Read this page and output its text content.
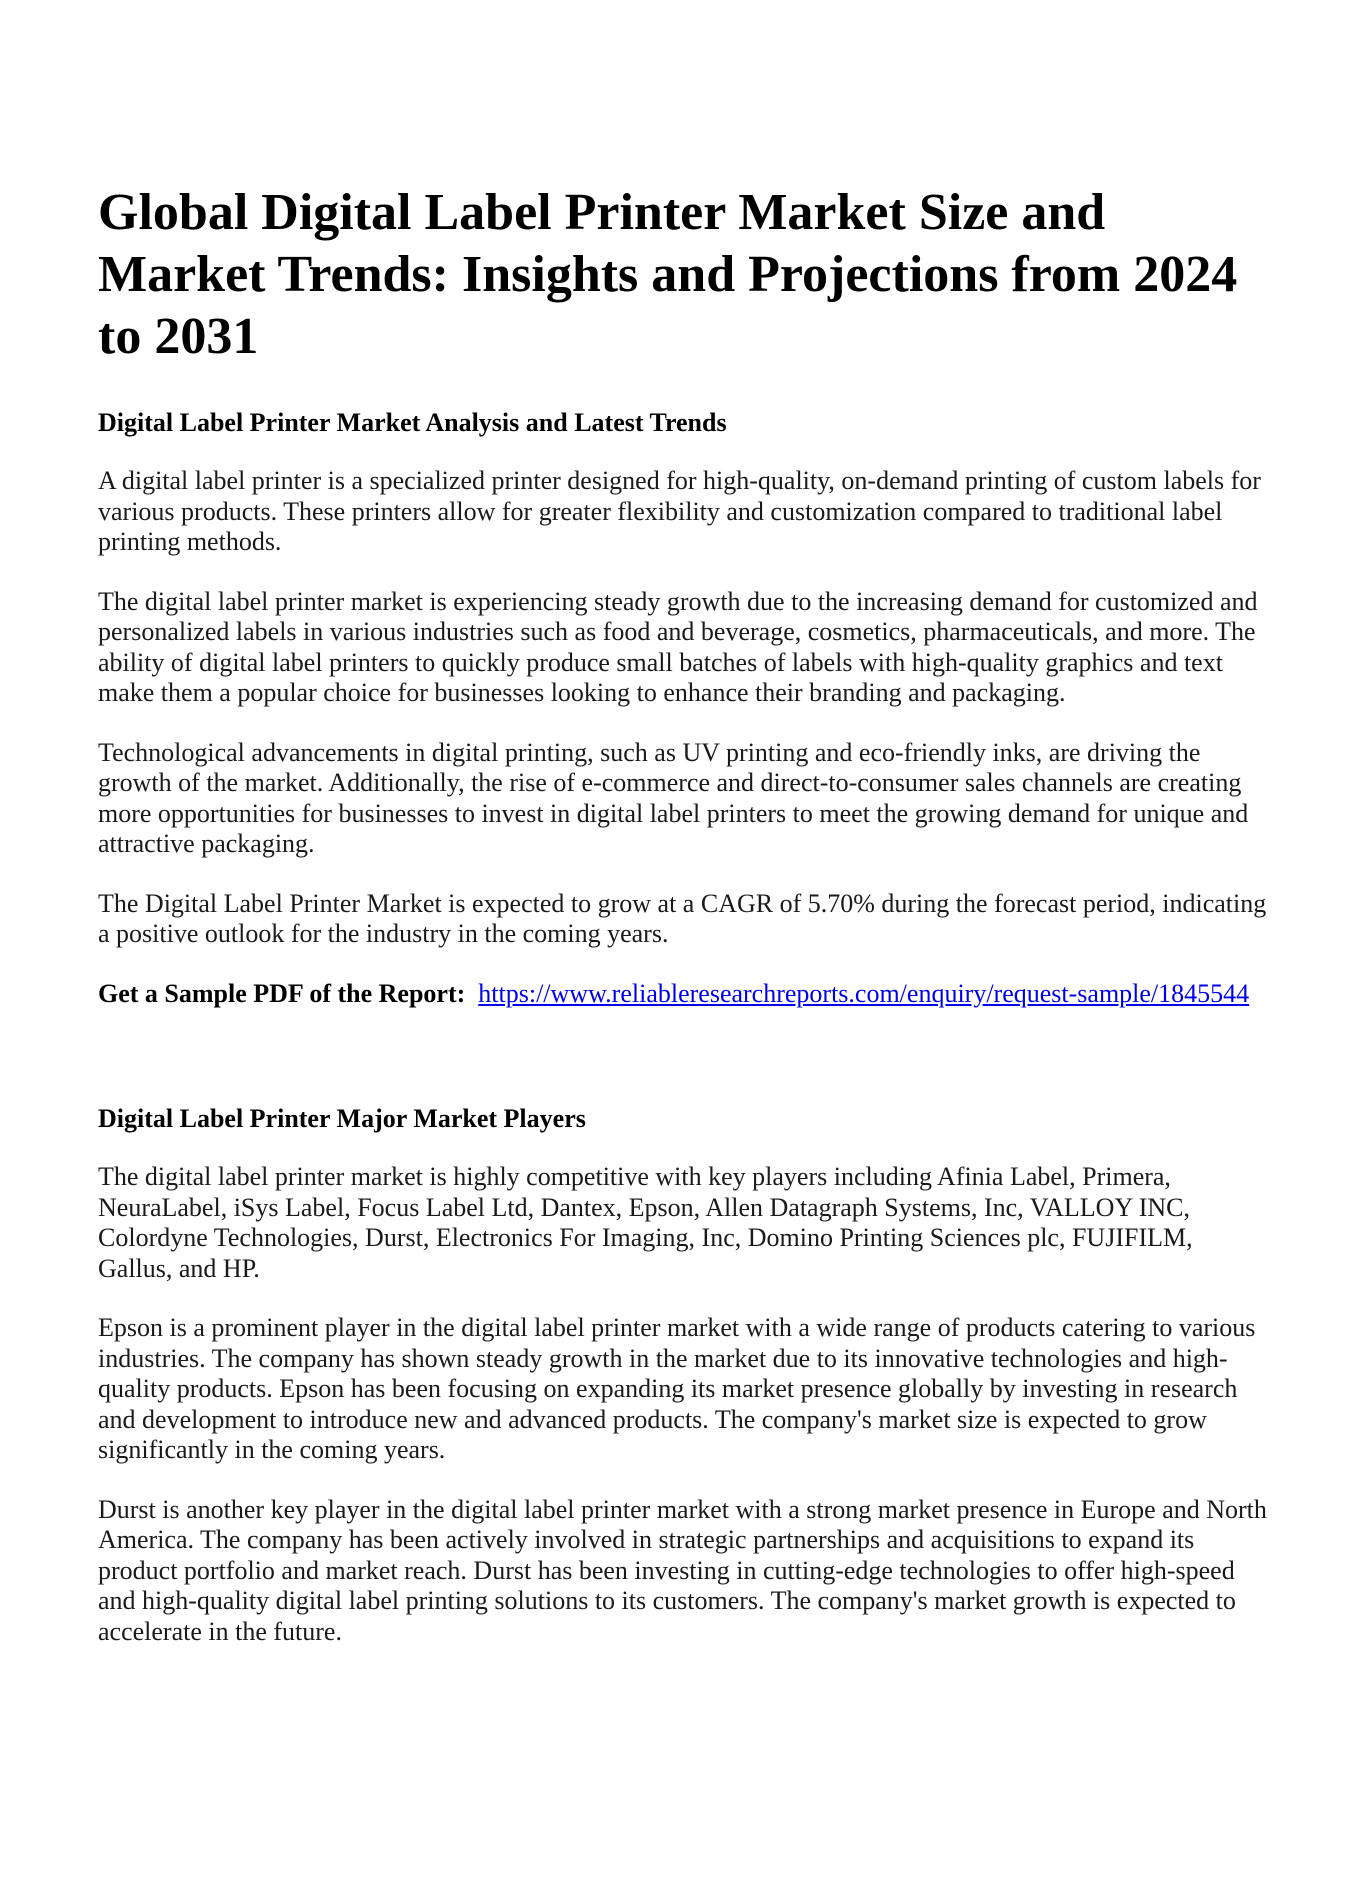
Global Digital Label Printer Market Size and Market Trends: Insights and Projections from 2024 to 2031
Digital Label Printer Market Analysis and Latest Trends

A digital label printer is a specialized printer designed for high-quality, on-demand printing of custom labels for various products. These printers allow for greater flexibility and customization compared to traditional label printing methods.

The digital label printer market is experiencing steady growth due to the increasing demand for customized and personalized labels in various industries such as food and beverage, cosmetics, pharmaceuticals, and more. The ability of digital label printers to quickly produce small batches of labels with high-quality graphics and text make them a popular choice for businesses looking to enhance their branding and packaging.

Technological advancements in digital printing, such as UV printing and eco-friendly inks, are driving the growth of the market. Additionally, the rise of e-commerce and direct-to-consumer sales channels are creating more opportunities for businesses to invest in digital label printers to meet the growing demand for unique and attractive packaging.

The Digital Label Printer Market is expected to grow at a CAGR of 5.70% during the forecast period, indicating a positive outlook for the industry in the coming years.

Get a Sample PDF of the Report: https://www.reliableresearchreports.com/enquiry/request-sample/1845544

Digital Label Printer Major Market Players

The digital label printer market is highly competitive with key players including Afinia Label, Primera, NeuraLabel, iSys Label, Focus Label Ltd, Dantex, Epson, Allen Datagraph Systems, Inc, VALLOY INC, Colordyne Technologies, Durst, Electronics For Imaging, Inc, Domino Printing Sciences plc, FUJIFILM, Gallus, and HP.

Epson is a prominent player in the digital label printer market with a wide range of products catering to various industries. The company has shown steady growth in the market due to its innovative technologies and high-quality products. Epson has been focusing on expanding its market presence globally by investing in research and development to introduce new and advanced products. The company's market size is expected to grow significantly in the coming years.

Durst is another key player in the digital label printer market with a strong market presence in Europe and North America. The company has been actively involved in strategic partnerships and acquisitions to expand its product portfolio and market reach. Durst has been investing in cutting-edge technologies to offer high-speed and high-quality digital label printing solutions to its customers. The company's market growth is expected to accelerate in the future.
